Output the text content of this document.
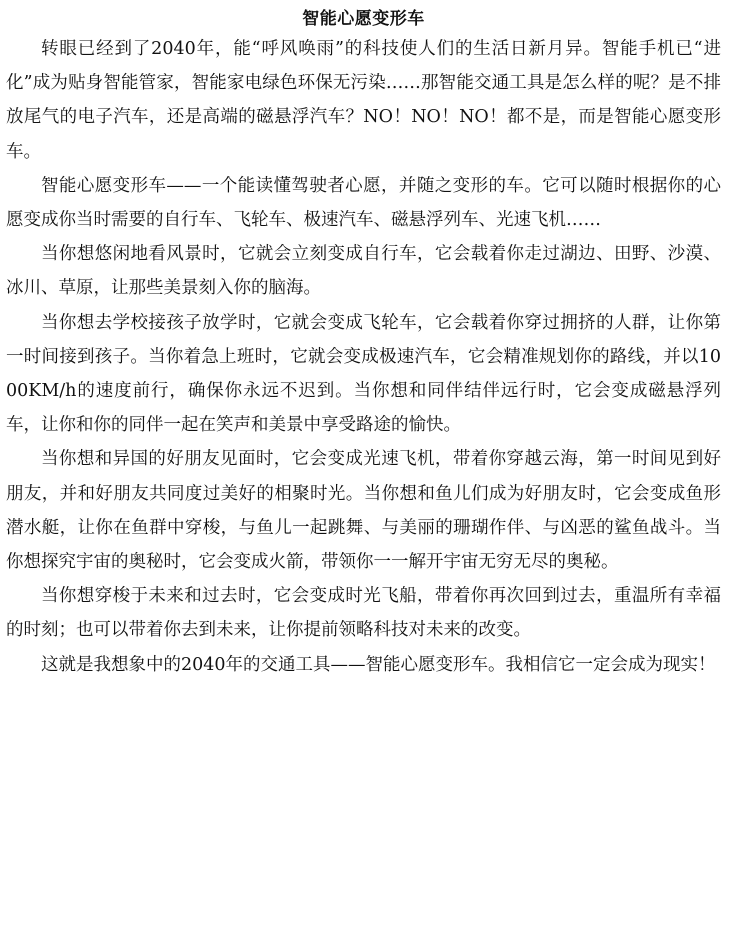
智能心愿变形车

转眼已经到了2040年，能“呼风唤雨”的科技使人们的生活日新月异。智能手机已“进化”成为贴身智能管家，智能家电绿色环保无污染……那智能交通工具是怎么样的呢？是不排放尾气的电子汽车，还是高端的磁悬浮汽车？NO！NO！NO！都不是，而是智能心愿变形车。

智能心愿变形车——一个能读懂驾驶者心愿，并随之变形的车。它可以随时根据你的心愿变成你当时需要的自行车、飞轮车、极速汽车、磁悬浮列车、光速飞机……

当你想悠闲地看风景时，它就会立刻变成自行车，它会载着你走过湖边、田野、沙漠、冰川、草原，让那些美景刻入你的脑海。

当你想去学校接孩子放学时，它就会变成飞轮车，它会载着你穿过拥挤的人群，让你第一时间接到孩子。当你着急上班时，它就会变成极速汽车，它会精准规划你的路线，并以1000KM/h的速度前行，确保你永远不迟到。当你想和同伴结伴远行时，它会变成磁悬浮列车，让你和你的同伴一起在笑声和美景中享受路途的愉快。

当你想和异国的好朋友见面时，它会变成光速飞机，带着你穿越云海，第一时间见到好朋友，并和好朋友共同度过美好的相聚时光。当你想和鱼儿们成为好朋友时，它会变成鱼形潜水艇，让你在鱼群中穿梭，与鱼儿一起跳舞、与美丽的珊瑚作伴、与凶恶的鲨鱼战斗。当你想探究宇宙的奥秘时，它会变成火箭，带领你一一解开宇宙无穷无尽的奥秘。

当你想穿梭于未来和过去时，它会变成时光飞船，带着你再次回到过去，重温所有幸福的时刻；也可以带着你去到未来，让你提前领略科技对未来的改变。

这就是我想象中的2040年的交通工具——智能心愿变形车。我相信它一定会成为现实！
